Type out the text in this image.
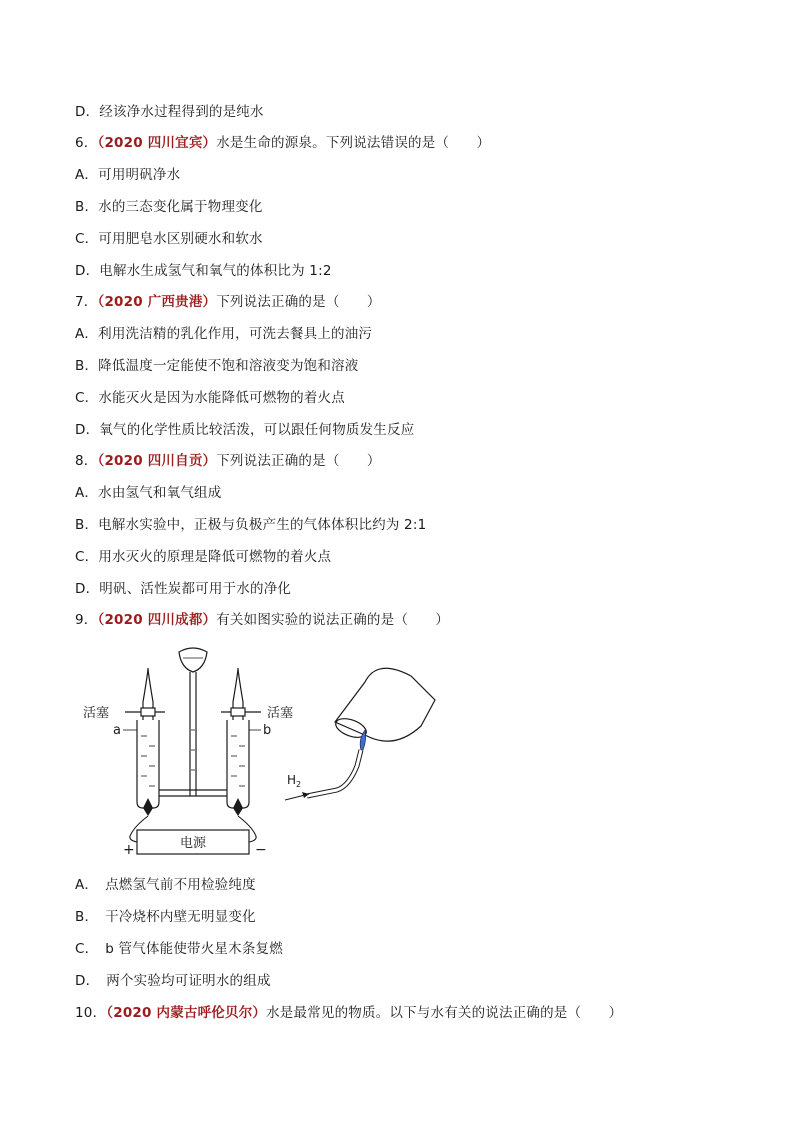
D．经该净水过程得到的是纯水
6．（2020 四川宜宾）水是生命的源泉。下列说法错误的是（　　）
A．可用明矾净水
B．水的三态变化属于物理变化
C．可用肥皂水区别硬水和软水
D．电解水生成氢气和氧气的体积比为 1:2
7．（2020 广西贵港）下列说法正确的是（　　）
A．利用洗洁精的乳化作用，可洗去餐具上的油污
B．降低温度一定能使不饱和溶液变为饱和溶液
C．水能灭火是因为水能降低可燃物的着火点
D．氧气的化学性质比较活泼，可以跟任何物质发生反应
8．（2020 四川自贡）下列说法正确的是（　　）
A．水由氢气和氧气组成
B．电解水实验中，正极与负极产生的气体体积比约为 2:1
C．用水灭火的原理是降低可燃物的着火点
D．明矾、活性炭都可用于水的净化
9．（2020 四川成都）有关如图实验的说法正确的是（　　）
电源
+	−
活塞	活塞
a	b
$H_2$
A．　点燃氢气前不用检验纯度
B．　干冷烧杯内壁无明显变化
C．　b 管气体能使带火星木条复燃
D．　两个实验均可证明水的组成
10．（2020 内蒙古呼伦贝尔）水是最常见的物质。以下与水有关的说法正确的是（　　）
